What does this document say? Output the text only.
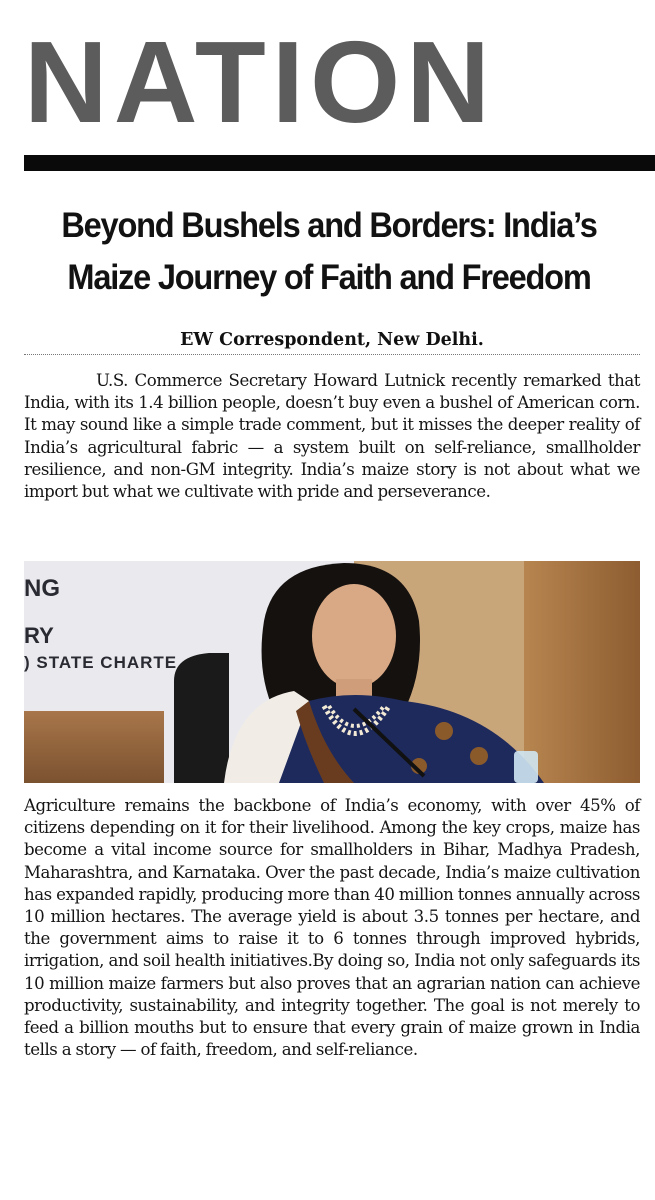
NATION
Beyond Bushels and Borders: India’s Maize Journey of Faith and Freedom
EW Correspondent, New Delhi.

U.S. Commerce Secretary Howard Lutnick recently remarked that India, with its 1.4 billion people, doesn’t buy even a bushel of American corn. It may sound like a simple trade comment, but it misses the deeper reality of India’s agricultural fabric — a system built on self-reliance, smallholder resilience, and non-GM integrity. India’s maize story is not about what we import but what we cultivate with pride and perseverance.

NG
RY
) STATE CHARTE

Agriculture remains the backbone of India’s economy, with over 45% of citizens depending on it for their livelihood. Among the key crops, maize has become a vital income source for smallholders in Bihar, Madhya Pradesh, Maharashtra, and Karnataka. Over the past decade, India’s maize cultivation has expanded rapidly, producing more than 40 million tonnes annually across 10 million hectares. The average yield is about 3.5 tonnes per hectare, and the government aims to raise it to 6 tonnes through improved hybrids, irrigation, and soil health initiatives.By doing so, India not only safeguards its 10 million maize farmers but also proves that an agrarian nation can achieve productivity, sustainability, and integrity together. The goal is not merely to feed a billion mouths but to ensure that every grain of maize grown in India tells a story — of faith, freedom, and self-reliance.
